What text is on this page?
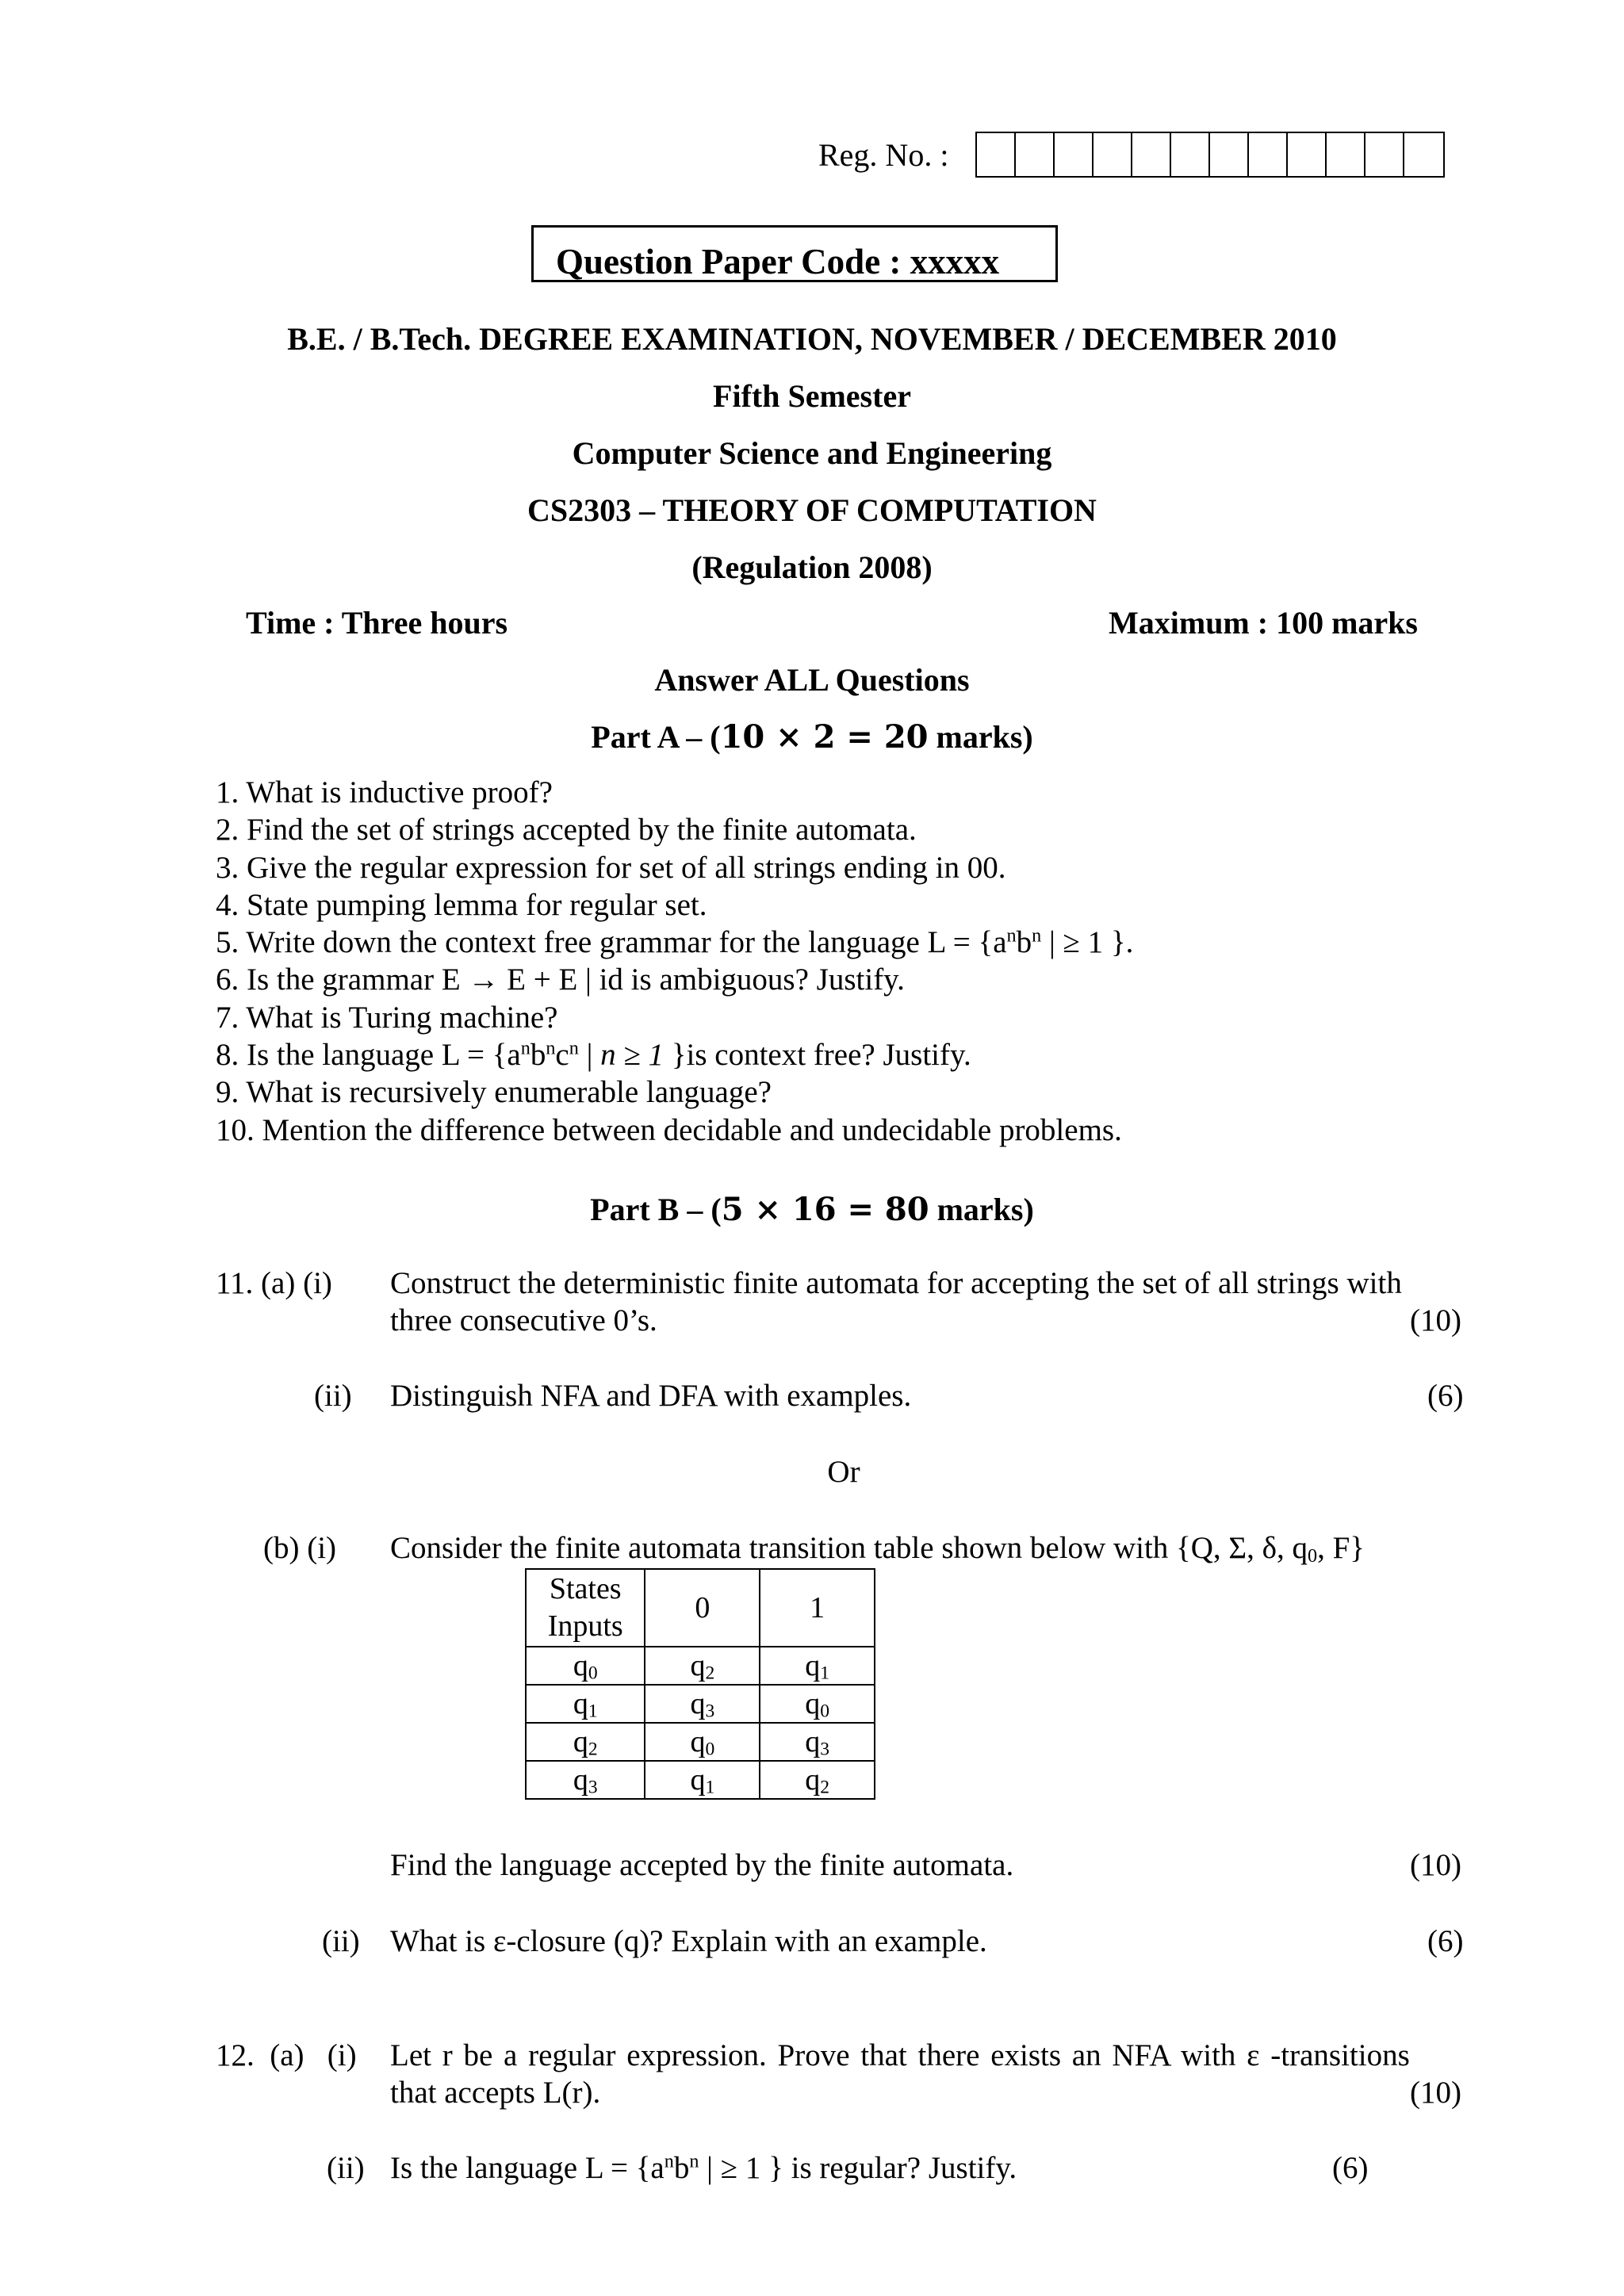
Reg. No. :
Question Paper Code : xxxxx
B.E. / B.Tech. DEGREE EXAMINATION, NOVEMBER / DECEMBER 2010
Fifth Semester
Computer Science and Engineering
CS2303 – THEORY OF COMPUTATION
(Regulation 2008)
Time : Three hours	Maximum : 100 marks
Answer ALL Questions
Part A – (10 × 2 = 20 marks)
1. What is inductive proof?
2. Find the set of strings accepted by the finite automata.
3. Give the regular expression for set of all strings ending in 00.
4. State pumping lemma for regular set.
5. Write down the context free grammar for the language $L = \{a^nb^n$ | ≥ 1 }.
6. Is the grammar E → E + E | id is ambiguous? Justify.
7. What is Turing machine?
8. Is the language $L = \{a^nb^nc^n$ | n ≥ 1 }is context free? Justify.
9. What is recursively enumerable language?
10. Mention the difference between decidable and undecidable problems.
Part B – (5 × 16 = 80 marks)
11. (a) (i) Construct the deterministic finite automata for accepting the set of all strings with
three consecutive 0’s.	(10)
(ii) Distinguish NFA and DFA with examples.	(6)
Or
(b) (i) Consider the finite automata transition table shown below with {Q, Σ, δ, $q_0$, F}
States
Inputs	0	1
$q_0$	$q_2$	$q_1$
$q_1$	$q_3$	$q_0$
$q_2$	$q_0$	$q_3$
$q_3$	$q_1$	$q_2$
Find the language accepted by the finite automata.	(10)
(ii) What is ε-closure (q)? Explain with an example.	(6)
12.  (a)   (i) Let r be a regular expression. Prove that there exists an NFA with ε -transitions
that accepts L(r).	(10)
(ii) Is the language $L = \{a^nb^n$ | ≥ 1 } is regular? Justify.	(6)
